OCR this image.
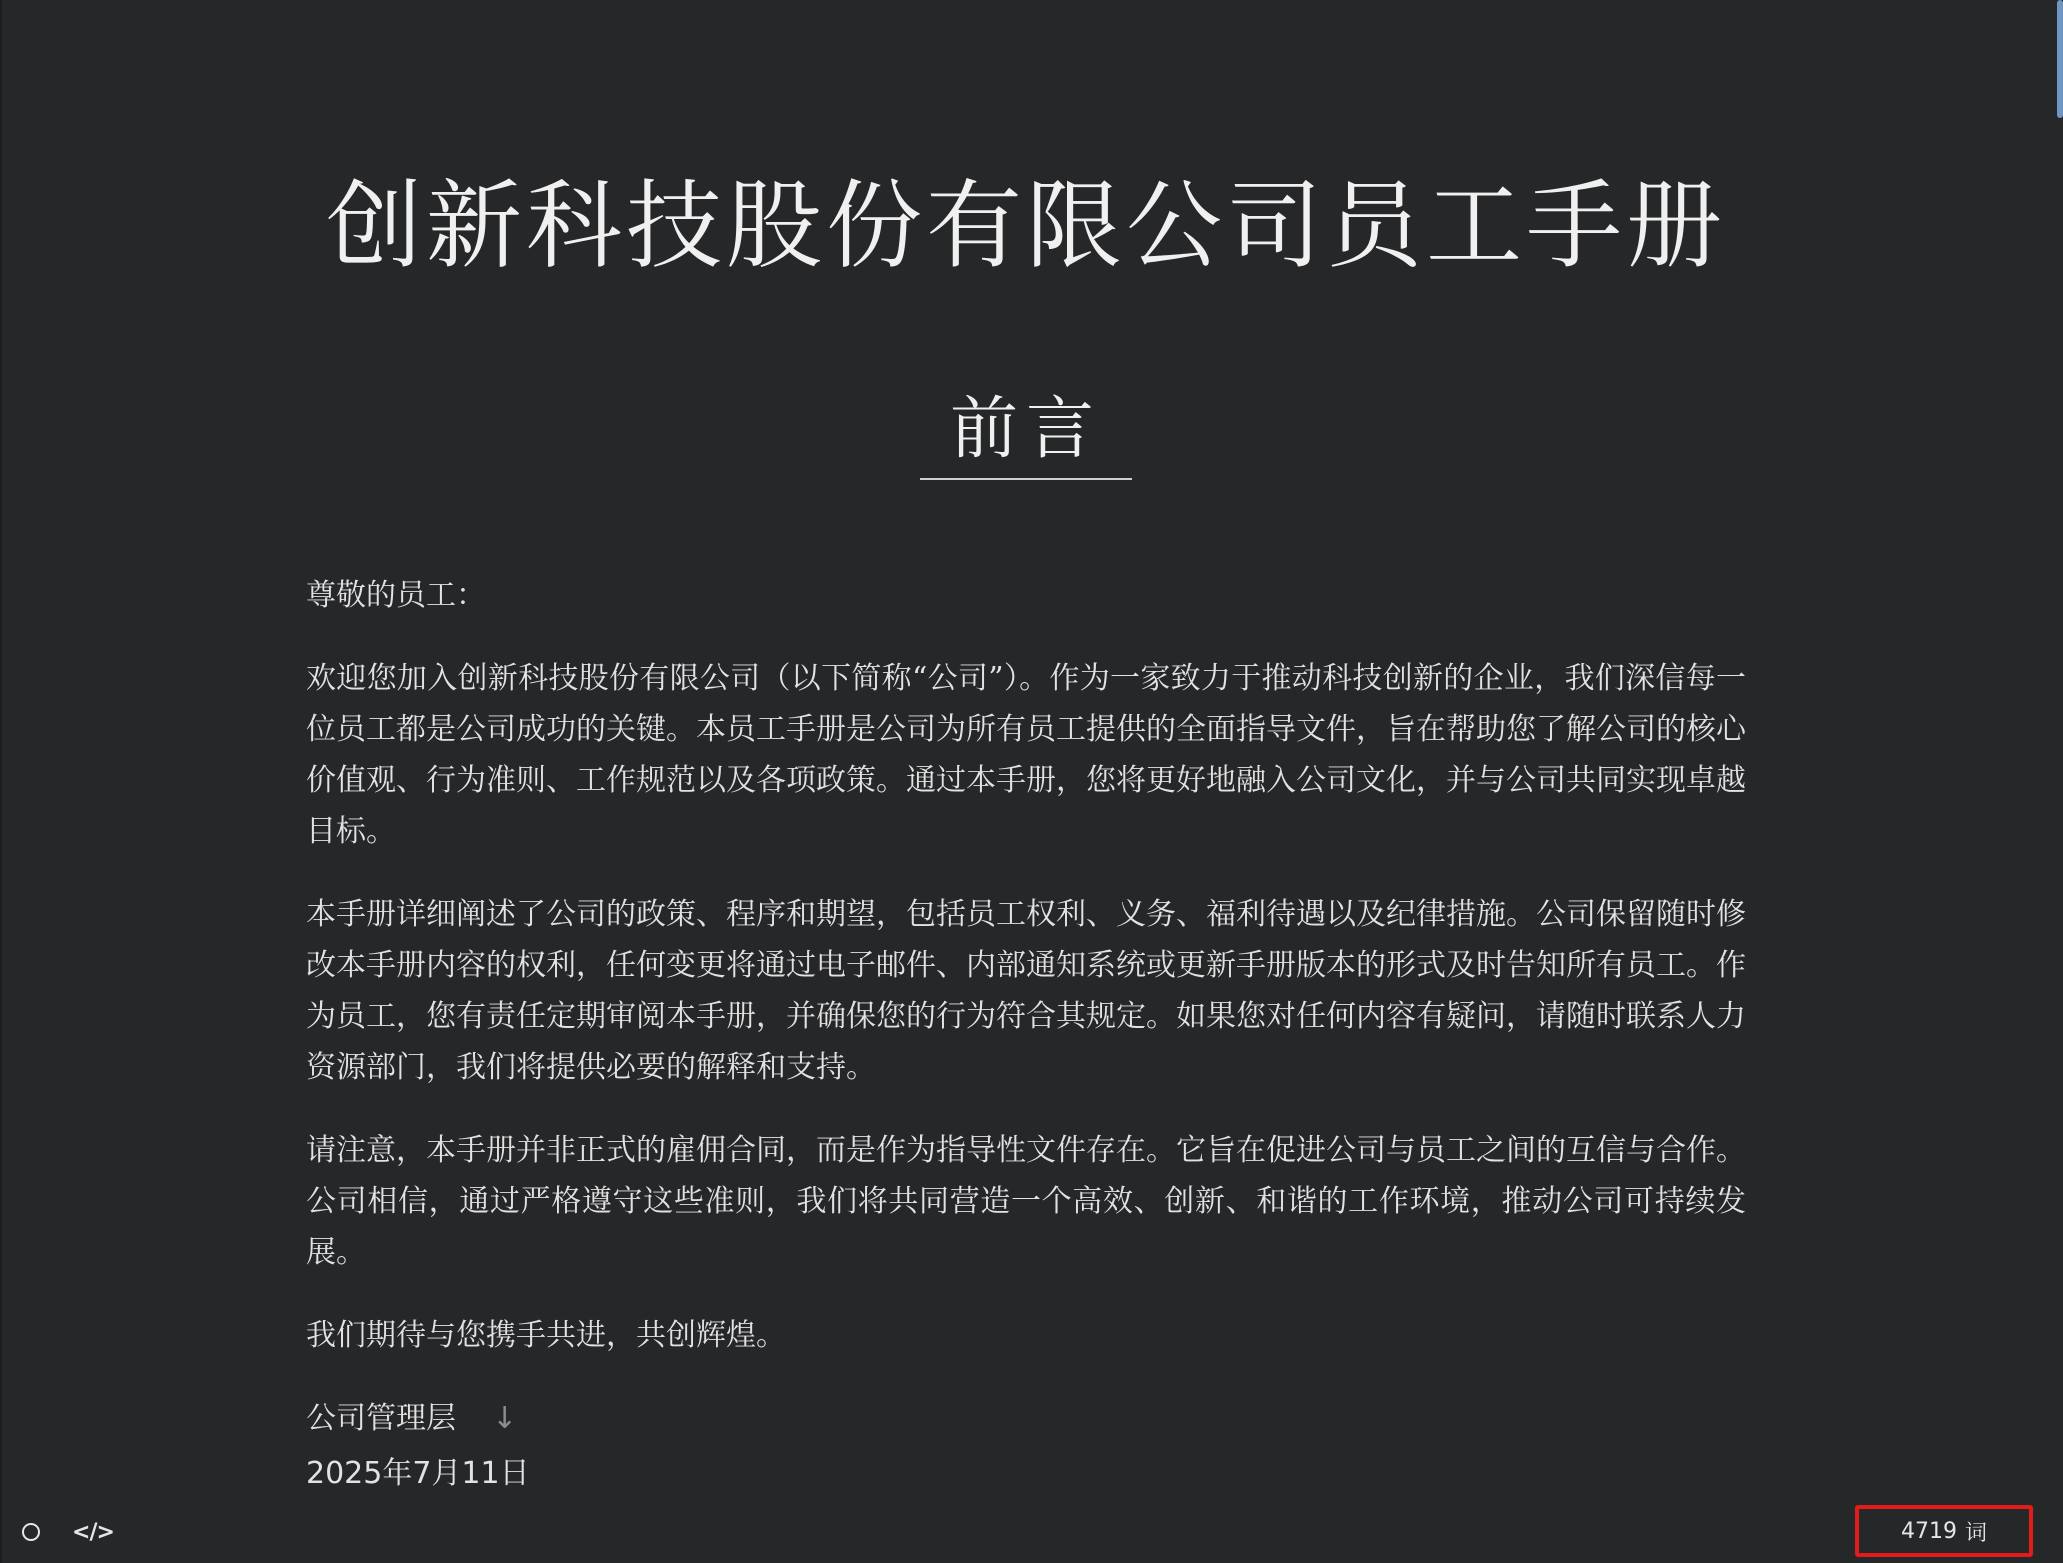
创新科技股份有限公司员工手册
前言

尊敬的员工：

欢迎您加入创新科技股份有限公司（以下简称“公司”）。作为一家致力于推动科技创新的企业，我们深信每一位员工都是公司成功的关键。本员工手册是公司为所有员工提供的全面指导文件，旨在帮助您了解公司的核心价值观、行为准则、工作规范以及各项政策。通过本手册，您将更好地融入公司文化，并与公司共同实现卓越目标。

本手册详细阐述了公司的政策、程序和期望，包括员工权利、义务、福利待遇以及纪律措施。公司保留随时修改本手册内容的权利，任何变更将通过电子邮件、内部通知系统或更新手册版本的形式及时告知所有员工。作为员工，您有责任定期审阅本手册，并确保您的行为符合其规定。如果您对任何内容有疑问，请随时联系人力资源部门，我们将提供必要的解释和支持。

请注意，本手册并非正式的雇佣合同，而是作为指导性文件存在。它旨在促进公司与员工之间的互信与合作。公司相信，通过严格遵守这些准则，我们将共同营造一个高效、创新、和谐的工作环境，推动公司可持续发展。

我们期待与您携手共进，共创辉煌。

公司管理层 ↓

2025年7月11日

</>	4719 词
